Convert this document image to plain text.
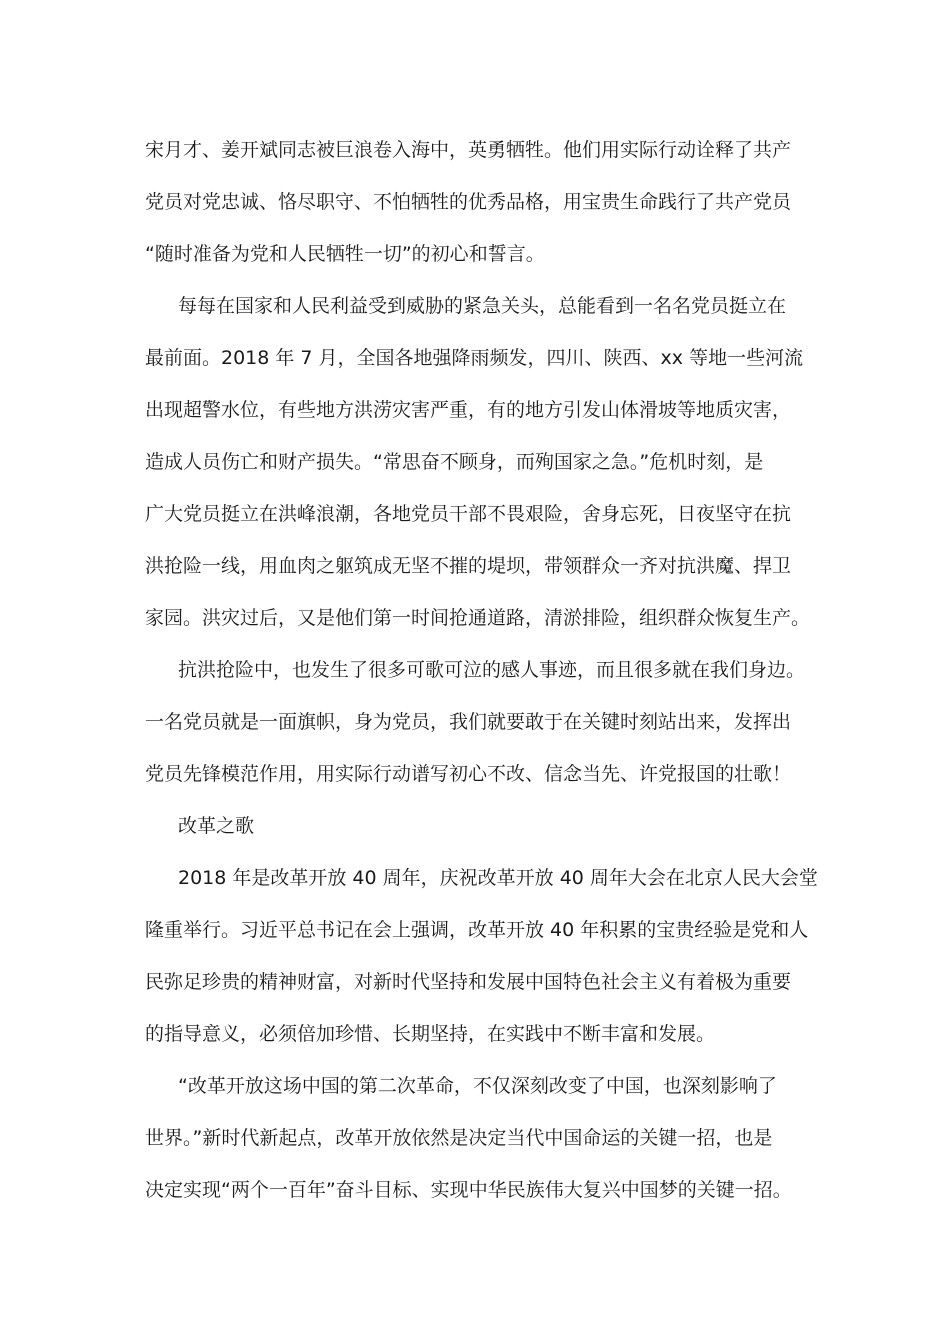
宋月才、姜开斌同志被巨浪卷入海中，英勇牺牲。他们用实际行动诠释了共产
党员对党忠诚、恪尽职守、不怕牺牲的优秀品格，用宝贵生命践行了共产党员
“随时准备为党和人民牺牲一切”的初心和誓言。
每每在国家和人民利益受到威胁的紧急关头，总能看到一名名党员挺立在
最前面。2018 年 7 月，全国各地强降雨频发，四川、陕西、xx 等地一些河流
出现超警水位，有些地方洪涝灾害严重，有的地方引发山体滑坡等地质灾害，
造成人员伤亡和财产损失。“常思奋不顾身，而殉国家之急。”危机时刻，是
广大党员挺立在洪峰浪潮，各地党员干部不畏艰险，舍身忘死，日夜坚守在抗
洪抢险一线，用血肉之躯筑成无坚不摧的堤坝，带领群众一齐对抗洪魔、捍卫
家园。洪灾过后，又是他们第一时间抢通道路，清淤排险，组织群众恢复生产。
抗洪抢险中，也发生了很多可歌可泣的感人事迹，而且很多就在我们身边。
一名党员就是一面旗帜，身为党员，我们就要敢于在关键时刻站出来，发挥出
党员先锋模范作用，用实际行动谱写初心不改、信念当先、许党报国的壮歌！
改革之歌
2018 年是改革开放 40 周年，庆祝改革开放 40 周年大会在北京人民大会堂
隆重举行。习近平总书记在会上强调，改革开放 40 年积累的宝贵经验是党和人
民弥足珍贵的精神财富，对新时代坚持和发展中国特色社会主义有着极为重要
的指导意义，必须倍加珍惜、长期坚持，在实践中不断丰富和发展。
“改革开放这场中国的第二次革命，不仅深刻改变了中国，也深刻影响了
世界。”新时代新起点，改革开放依然是决定当代中国命运的关键一招，也是
决定实现“两个一百年”奋斗目标、实现中华民族伟大复兴中国梦的关键一招。
